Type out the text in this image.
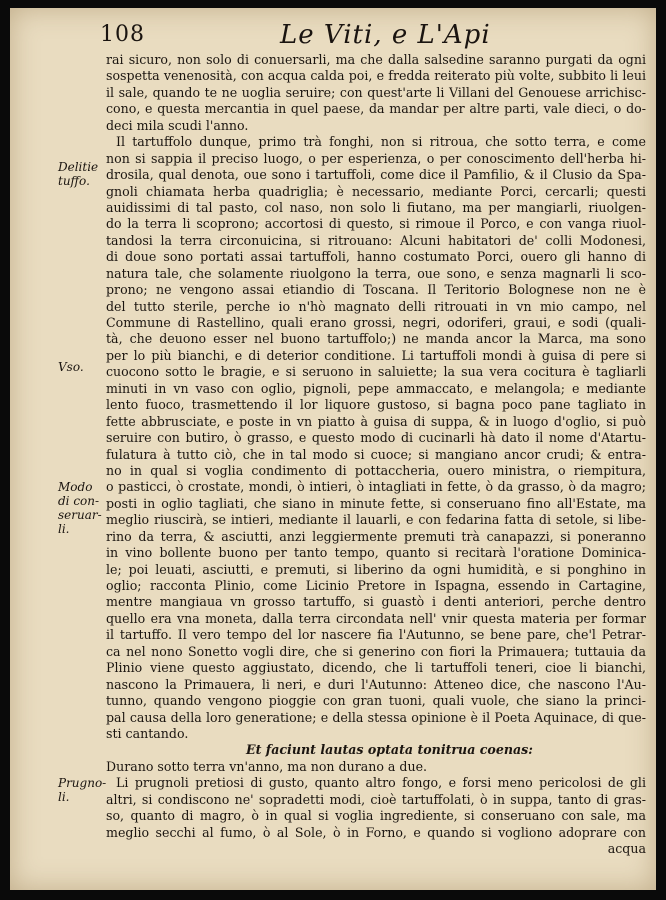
108	Le Viti, e L'Api
Delitie
tuffo.
Vso.
Modo
di con-
seruar-
li.
Prugno-
li.
rai sicuro, non solo di conuersarli, ma che dalla salsedine saranno purgati da ogni
sospetta venenosità, con acqua calda poi, e fredda reiterato più volte, subbito li leui
il sale, quando te ne uoglia seruire; con quest'arte li Villani del Genouese arrichisc-
cono, e questa mercantia in quel paese, da mandar per altre parti, vale dieci, o do-
deci mila scudi l'anno.
Il tartuffolo dunque, primo trà fonghi, non si ritroua, che sotto terra, e come
non si sappia il preciso luogo, o per esperienza, o per conoscimento dell'herba hi-
drosila, qual denota, oue sono i tartuffoli, come dice il Pamfilio, & il Clusio da Spa-
gnoli chiamata herba quadriglia; è necessario, mediante Porci, cercarli; questi
auidissimi di tal pasto, col naso, non solo li fiutano, ma per mangiarli, riuolgen-
do la terra li scoprono; accortosi di questo, si rimoue il Porco, e con vanga riuol-
tandosi la terra circonuicina, si ritrouano: Alcuni habitatori de' colli Modonesi,
di doue sono portati assai tartuffoli, hanno costumato Porci, ouero gli hanno di
natura tale, che solamente riuolgono la terra, oue sono, e senza magnarli li sco-
prono; ne vengono assai etiandio di Toscana. Il Teritorio Bolognese non ne è
del tutto sterile, perche io n'hò magnato delli ritrouati in vn mio campo, nel
Commune di Rastellino, quali erano grossi, negri, odoriferi, graui, e sodi (quali-
tà, che deuono esser nel buono tartuffolo;) ne manda ancor la Marca, ma sono
per lo più bianchi, e di deterior conditione. Li tartuffoli mondi à guisa di pere si
cuocono sotto le bragie, e si seruono in saluiette; la sua vera cocitura è tagliarli
minuti in vn vaso con oglio, pignoli, pepe ammaccato, e melangola; e mediante
lento fuoco, trasmettendo il lor liquore gustoso, si bagna poco pane tagliato in
fette abbrusciate, e poste in vn piatto à guisa di suppa, & in luogo d'oglio, si può
seruire con butiro, ò grasso, e questo modo di cucinarli hà dato il nome d'Atartu-
fulatura à tutto ciò, che in tal modo si cuoce; si mangiano ancor crudi; & entra-
no in qual si voglia condimento di pottaccheria, ouero ministra, o riempitura,
o pasticci, ò crostate, mondi, ò intieri, ò intagliati in fette, ò da grasso, ò da magro;
posti in oglio tagliati, che siano in minute fette, si conseruano fino all'Estate, ma
meglio riuscirà, se intieri, mediante il lauarli, e con fedarina fatta di setole, si libe-
rino da terra, & asciutti, anzi leggiermente premuti trà canapazzi, si poneranno
in vino bollente buono per tanto tempo, quanto si recitarà l'oratione Dominica-
le; poi leuati, asciutti, e premuti, si liberino da ogni humidità, e si ponghino in
oglio; racconta Plinio, come Licinio Pretore in Ispagna, essendo in Cartagine,
mentre mangiaua vn grosso tartuffo, si guastò i denti anteriori, perche dentro
quello era vna moneta, dalla terra circondata nell' vnir questa materia per formar
il tartuffo. Il vero tempo del lor nascere fia l'Autunno, se bene pare, che'l Petrar-
ca nel nono Sonetto vogli dire, che si generino con fiori la Primauera; tuttauia da
Plinio viene questo aggiustato, dicendo, che li tartuffoli teneri, cioe li bianchi,
nascono la Primauera, li neri, e duri l'Autunno: Atteneo dice, che nascono l'Au-
tunno, quando vengono pioggie con gran tuoni, quali vuole, che siano la princi-
pal causa della loro generatione; e della stessa opinione è il Poeta Aquinace, di que-
sti cantando.
Et faciunt lautas optata tonitrua coenas:
Durano sotto terra vn'anno, ma non durano a due.
Li prugnoli pretiosi di gusto, quanto altro fongo, e forsi meno pericolosi de gli
altri, si condiscono ne' sopradetti modi, cioè tartuffolati, ò in suppa, tanto di gras-
so, quanto di magro, ò in qual si voglia ingrediente, si conseruano con sale, ma
meglio secchi al fumo, ò al Sole, ò in Forno, e quando si vogliono adoprare con
acqua
